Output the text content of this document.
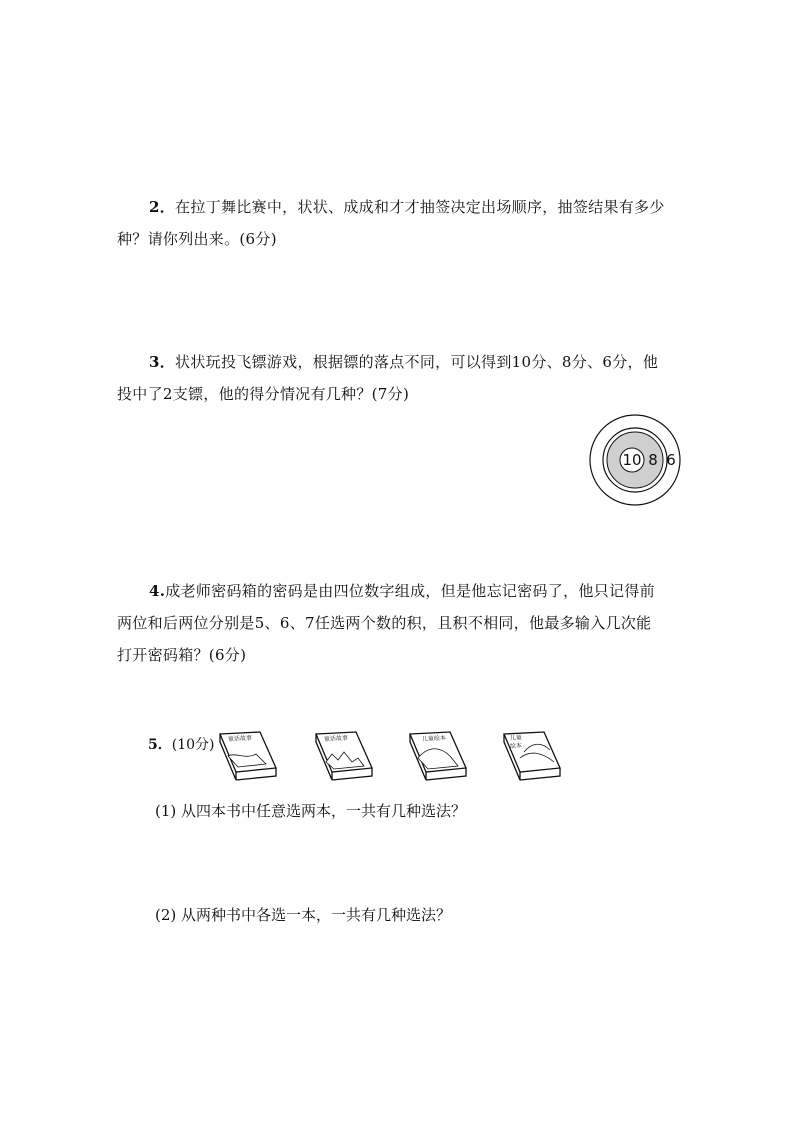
2．在拉丁舞比赛中，状状、成成和才才抽签决定出场顺序，抽签结果有多少
种？请你列出来。(6分)
3．状状玩投飞镖游戏，根据镖的落点不同，可以得到10分、8分、6分，他
投中了2支镖，他的得分情况有几种？(7分)
10 8 6
4.成老师密码箱的密码是由四位数字组成，但是他忘记密码了，他只记得前
两位和后两位分别是5、6、7任选两个数的积，且积不相同，他最多输入几次能
打开密码箱？(6分)
5．(10分) 童话故事	童话故事	儿童绘本	儿童
绘本
(1) 从四本书中任意选两本，一共有几种选法？
(2) 从两种书中各选一本，一共有几种选法？
